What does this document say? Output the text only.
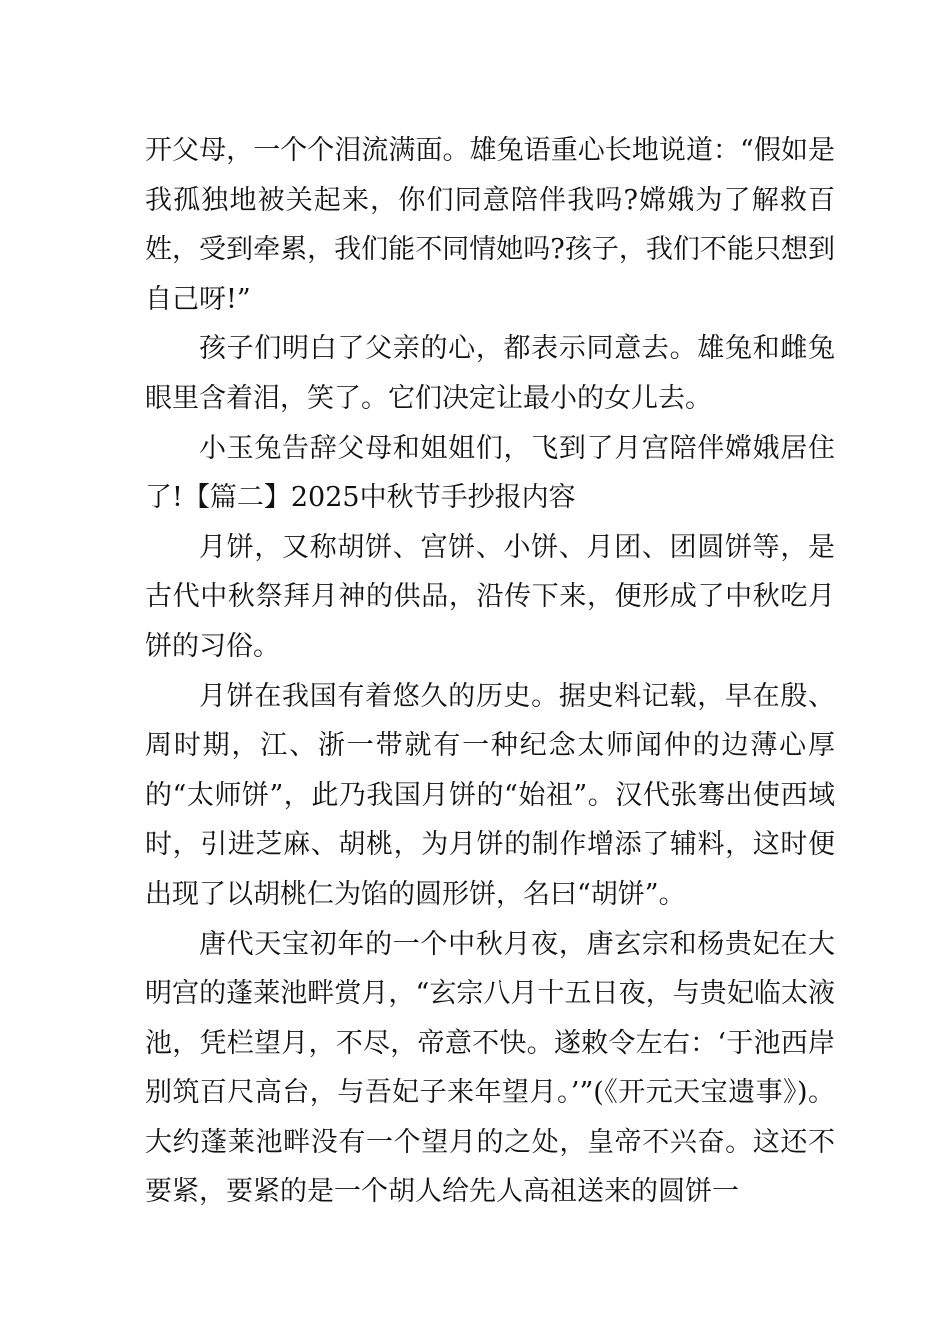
开父母，一个个泪流满面。雄兔语重心长地说道：“假如是我孤独地被关起来，你们同意陪伴我吗?嫦娥为了解救百姓，受到牵累，我们能不同情她吗?孩子，我们不能只想到自己呀!”

孩子们明白了父亲的心，都表示同意去。雄兔和雌兔眼里含着泪，笑了。它们决定让最小的女儿去。

小玉兔告辞父母和姐姐们，飞到了月宫陪伴嫦娥居住了!【篇二】2025中秋节手抄报内容

月饼，又称胡饼、宫饼、小饼、月团、团圆饼等，是古代中秋祭拜月神的供品，沿传下来，便形成了中秋吃月饼的习俗。

月饼在我国有着悠久的历史。据史料记载，早在殷、周时期，江、浙一带就有一种纪念太师闻仲的边薄心厚的“太师饼”，此乃我国月饼的“始祖”。汉代张骞出使西域时，引进芝麻、胡桃，为月饼的制作增添了辅料，这时便出现了以胡桃仁为馅的圆形饼，名曰“胡饼”。

唐代天宝初年的一个中秋月夜，唐玄宗和杨贵妃在大明宫的蓬莱池畔赏月，“玄宗八月十五日夜，与贵妃临太液池，凭栏望月，不尽，帝意不快。遂敕令左右：‘于池西岸别筑百尺高台，与吾妃子来年望月。’”(《开元天宝遗事》)。大约蓬莱池畔没有一个望月的之处，皇帝不兴奋。这还不要紧，要紧的是一个胡人给先人高祖送来的圆饼一
